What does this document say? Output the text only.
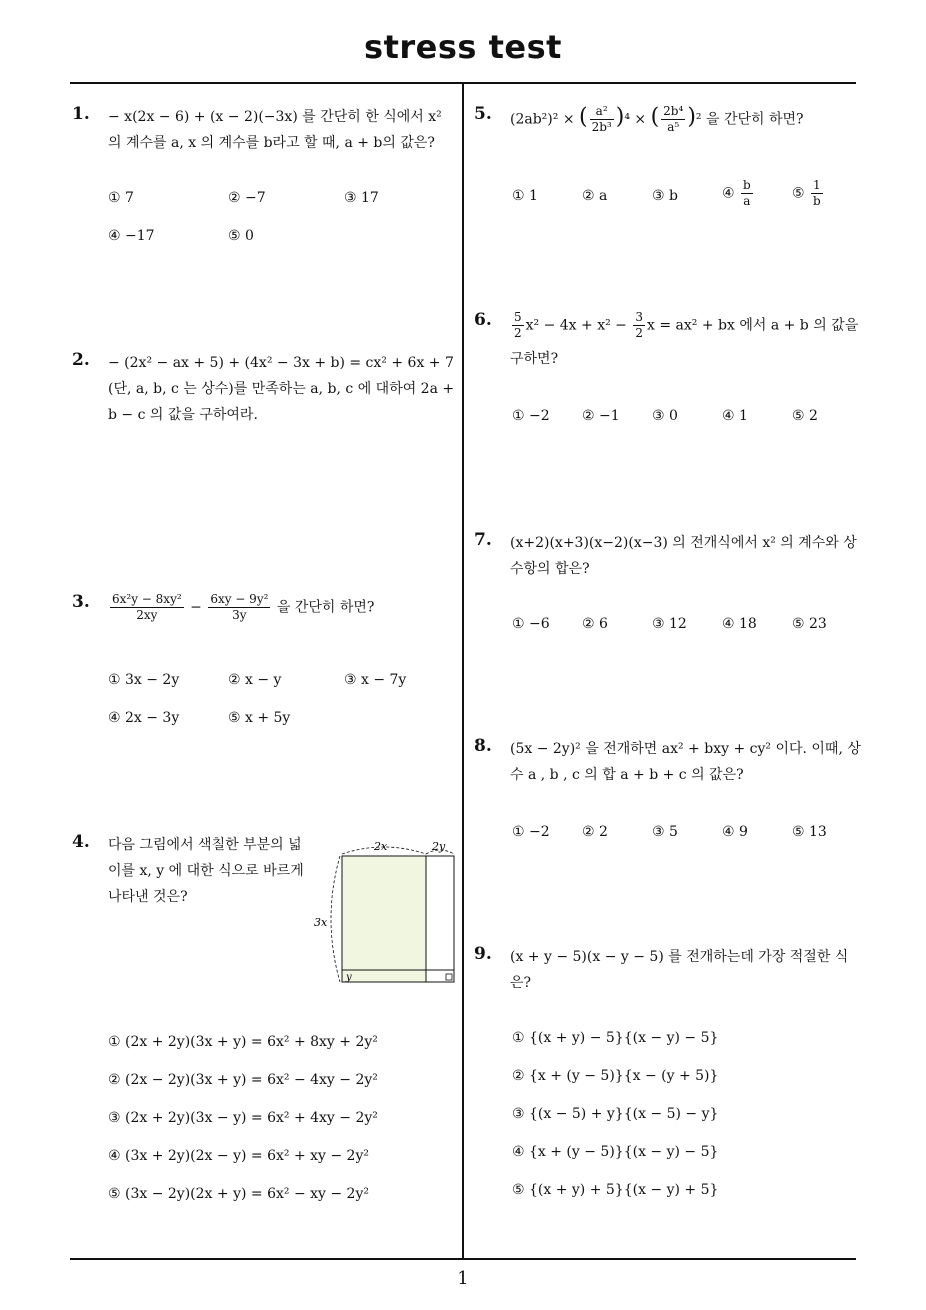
stress test
1
1. − x(2x − 6) + (x − 2)(−3x) 를 간단히 한 식에서 x² 의 계수를 a, x 의 계수를 b라고 할 때, a + b의 값은?
① 7	② −7	③ 17
④ −17	⑤ 0
2. − (2x² − ax + 5) + (4x² − 3x + b) = cx² + 6x + 7 (단, a, b, c 는 상수)를 만족하는 a, b, c 에 대하여 2a + b − c 의 값을 구하여라.
3. $\frac{\text{6x²y − 8xy²}}{2xy} - \frac{\text{6xy − 9y²}}{3y}$ 을 간단히 하면?
① 3x − 2y	② x − y	③ x − 7y
④ 2x − 3y	⑤ x + 5y
4. 다음 그림에서 색칠한 부분의 넓이를 x, y 에 대한 식으로 바르게 나타낸 것은?
2x	2y
3x
y
① (2x + 2y)(3x + y) = 6x² + 8xy + 2y²
② (2x − 2y)(3x + y) = 6x² − 4xy − 2y²
③ (2x + 2y)(3x − y) = 6x² + 4xy − 2y²
④ (3x + 2y)(2x − y) = 6x² + xy − 2y²
⑤ (3x − 2y)(2x + y) = 6x² − xy − 2y²
5. (2ab²)² × ( $\frac{\text{a²}}{\text{2b³}} )^4$ × ( $\frac{\text{2b⁴}}{\text{a⁵}} )^2$ 을 간단히 하면?
① 1	② a	③ b	④ $\frac{b}{a}$	⑤ $\frac{1}{b}$
6. $\frac{5}{2} x^2 - 4x + x^2 - \frac{3}{2}$ x = ax² + bx 에서 a + b 의 값을
구하면?
① −2 ② −1 ③ 0	④ 1	⑤ 2
7. (x+2)(x+3)(x−2)(x−3) 의 전개식에서 x² 의 계수와 상수항의 합은?
① −6 ② 6	③ 12	④ 18	⑤ 23
8. (5x − 2y)² 을 전개하면 ax² + bxy + cy² 이다. 이때, 상수 a , b , c 의 합 a + b + c 의 값은?
① −2 ② 2	③ 5	④ 9	⑤ 13
9. (x + y − 5)(x − y − 5) 를 전개하는데 가장 적절한 식은?
① {(x + y) − 5}{(x − y) − 5}
② {x + (y − 5)}{x − (y + 5)}
③ {(x − 5) + y}{(x − 5) − y}
④ {x + (y − 5)}{(x − y) − 5}
⑤ {(x + y) + 5}{(x − y) + 5}
